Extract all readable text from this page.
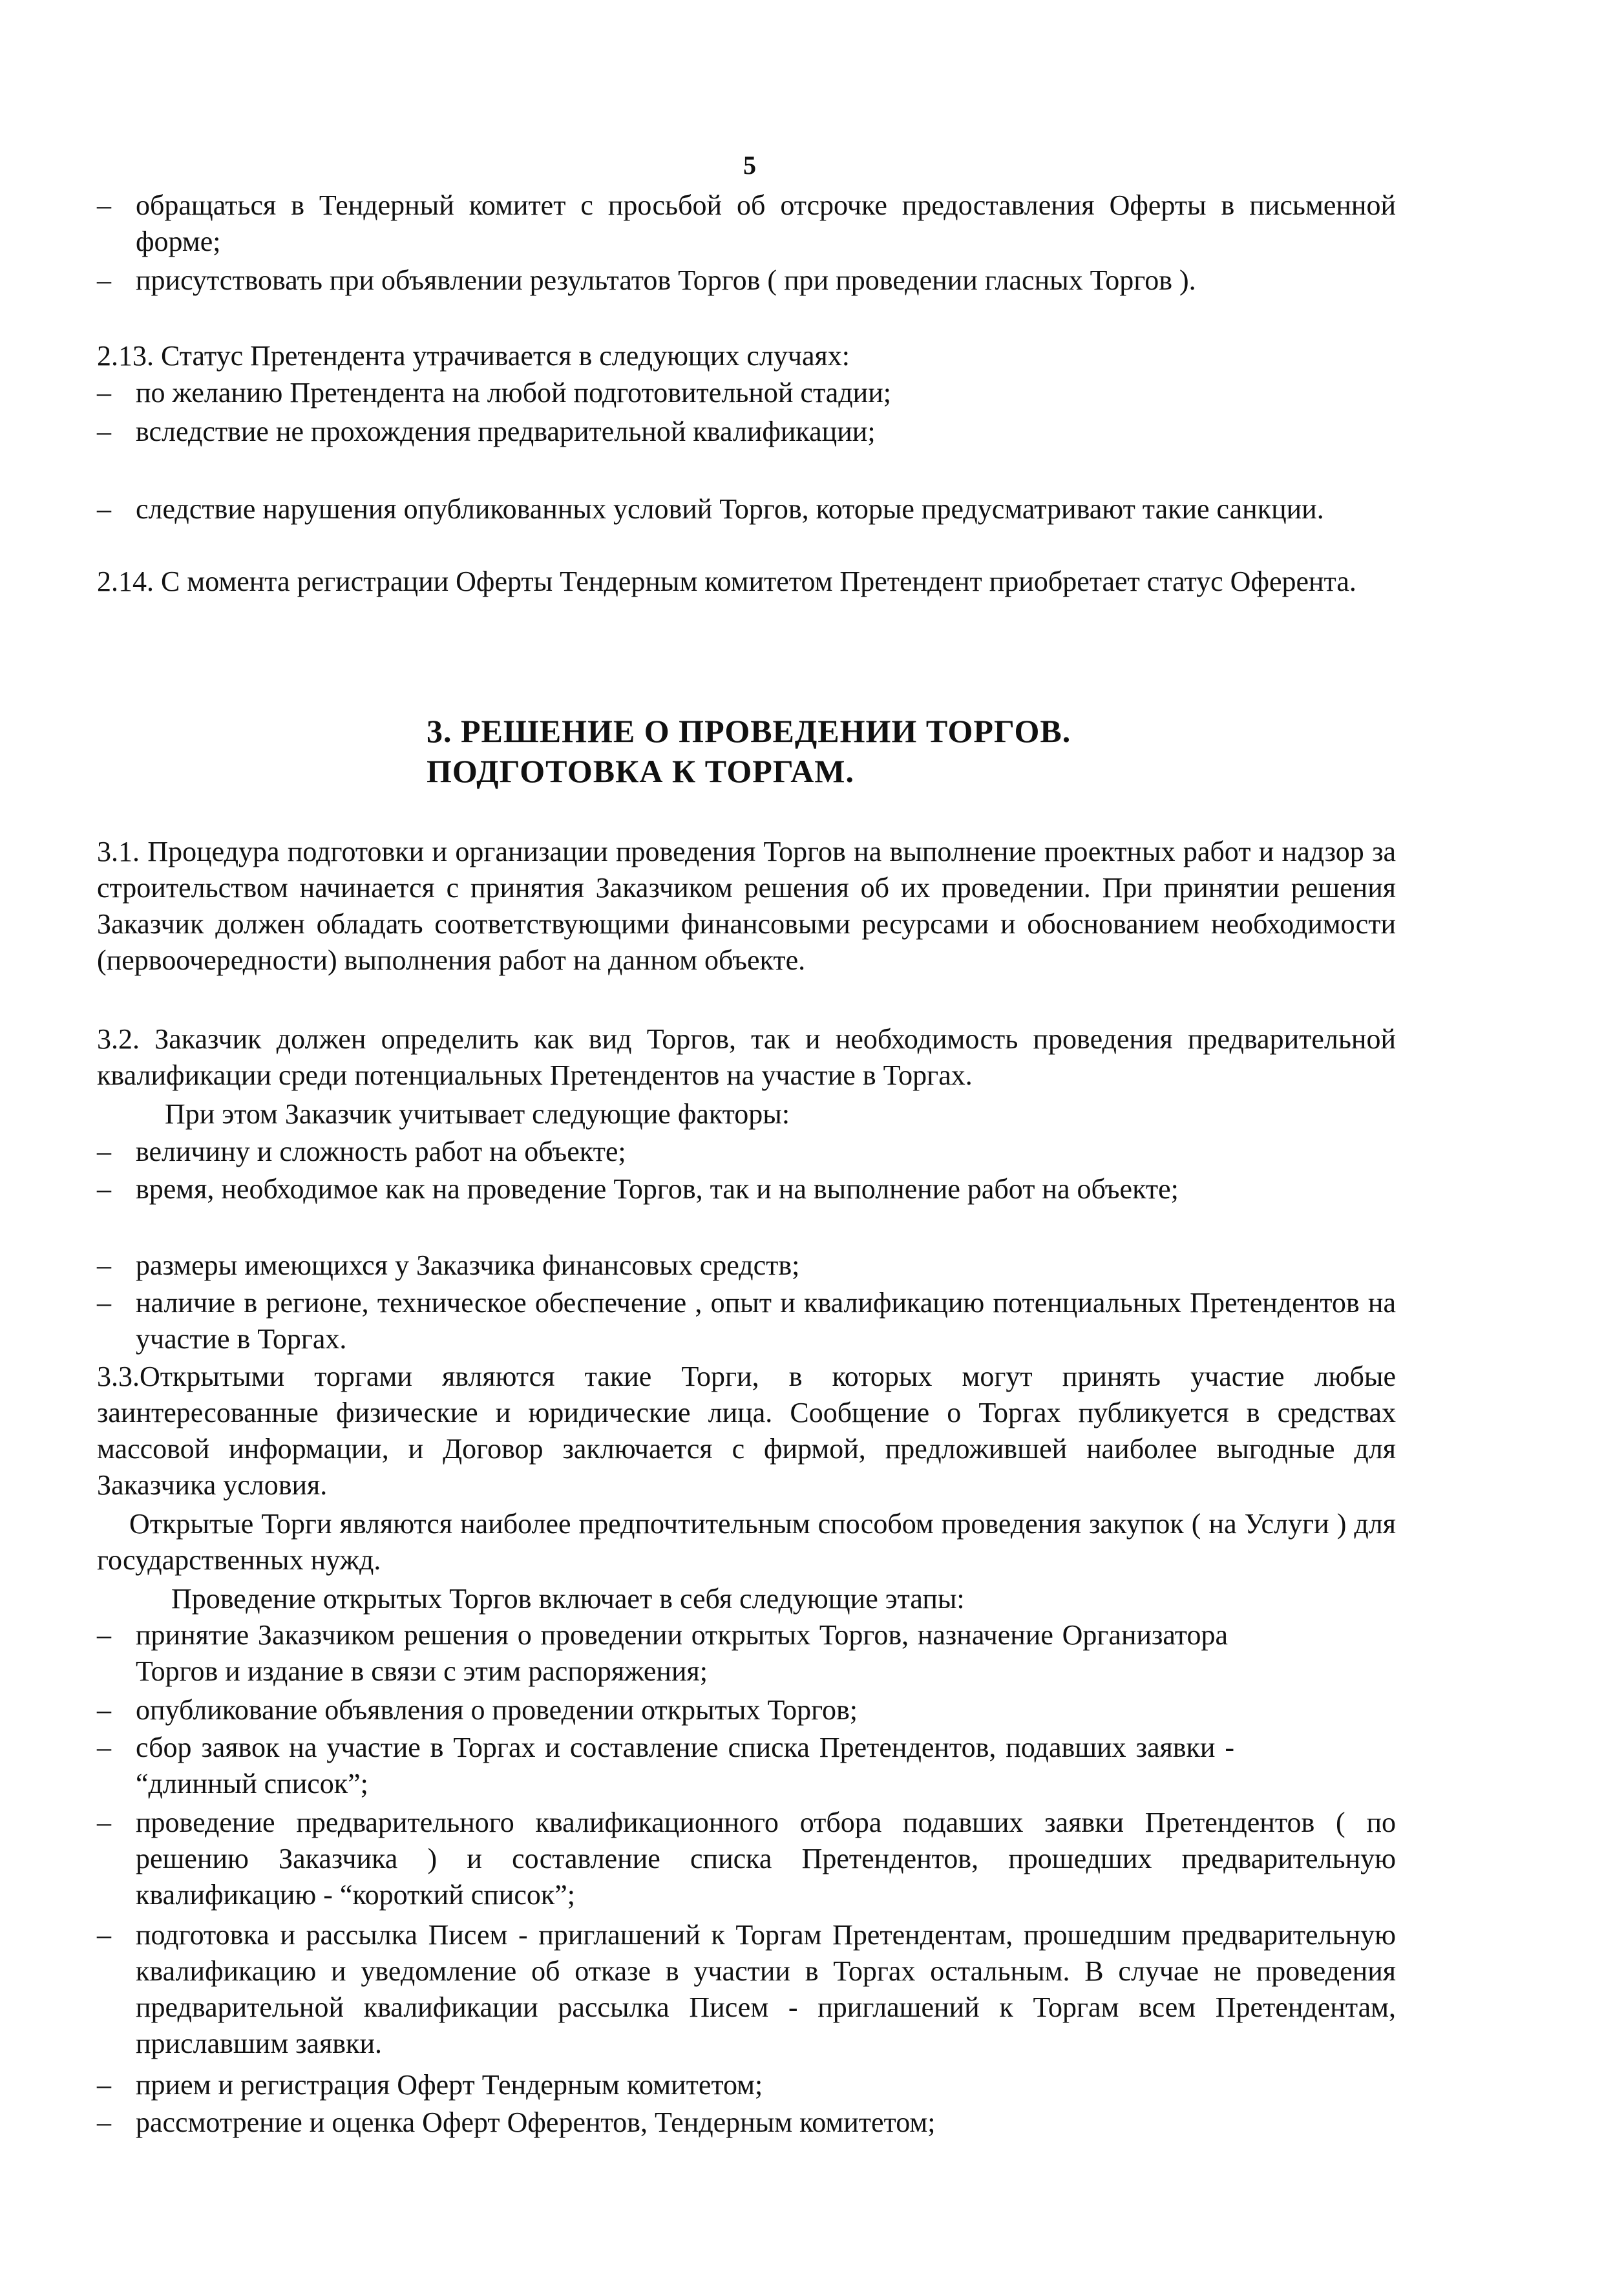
5
– обращаться в Тендерный комитет с просьбой об отсрочке предоставления Оферты в письменной форме;
– присутствовать при объявлении результатов Торгов ( при проведении гласных Торгов ).
2.13. Статус Претендента утрачивается в следующих случаях:
– по желанию Претендента на любой подготовительной стадии;
– вследствие не прохождения предварительной квалификации;
– следствие нарушения опубликованных условий Торгов, которые предусматривают такие санкции.
2.14. С момента регистрации Оферты Тендерным комитетом Претендент приобретает статус Оферента.
3. РЕШЕНИЕ О ПРОВЕДЕНИИ ТОРГОВ.
ПОДГОТОВКА К ТОРГАМ.
3.1. Процедура подготовки и организации проведения Торгов на выполнение проектных работ и надзор за строительством начинается с принятия Заказчиком решения об их проведении. При принятии решения Заказчик должен обладать соответствующими финансовыми ресурсами и обоснованием необходимости (первоочередности) выполнения работ на данном объекте.
3.2. Заказчик должен определить как вид Торгов, так и необходимость проведения предварительной квалификации среди потенциальных Претендентов на участие в Торгах.
При этом Заказчик учитывает следующие факторы:
– величину и сложность работ на объекте;
– время, необходимое как на проведение Торгов, так и на выполнение работ на объекте;
– размеры имеющихся у Заказчика финансовых средств;
– наличие в регионе, техническое обеспечение , опыт и квалификацию потенциальных Претендентов на участие в Торгах.
3.3.Открытыми торгами являются такие Торги, в которых могут принять участие любые заинтересованные физические и юридические лица. Сообщение о Торгах публикуется в средствах массовой информации, и Договор заключается с фирмой, предложившей наиболее выгодные для Заказчика условия.
Открытые Торги являются наиболее предпочтительным способом проведения закупок ( на Услуги ) для государственных нужд.
Проведение открытых Торгов включает в себя следующие этапы:
– принятие Заказчиком решения о проведении открытых Торгов, назначение Организатора Торгов и издание в связи с этим распоряжения;
– опубликование объявления о проведении открытых Торгов;
– сбор заявок на участие в Торгах и составление списка Претендентов, подавших заявки - “длинный список”;
– проведение предварительного квалификационного отбора подавших заявки Претендентов ( по решению Заказчика ) и составление списка Претендентов, прошедших предварительную квалификацию - “короткий список”;
– подготовка и рассылка Писем - приглашений к Торгам Претендентам, прошедшим предварительную квалификацию и уведомление об отказе в участии в Торгах остальным. В случае не проведения предварительной квалификации рассылка Писем - приглашений к Торгам всем Претендентам, приславшим заявки.
– прием и регистрация Оферт Тендерным комитетом;
– рассмотрение и оценка Оферт Оферентов, Тендерным комитетом;
